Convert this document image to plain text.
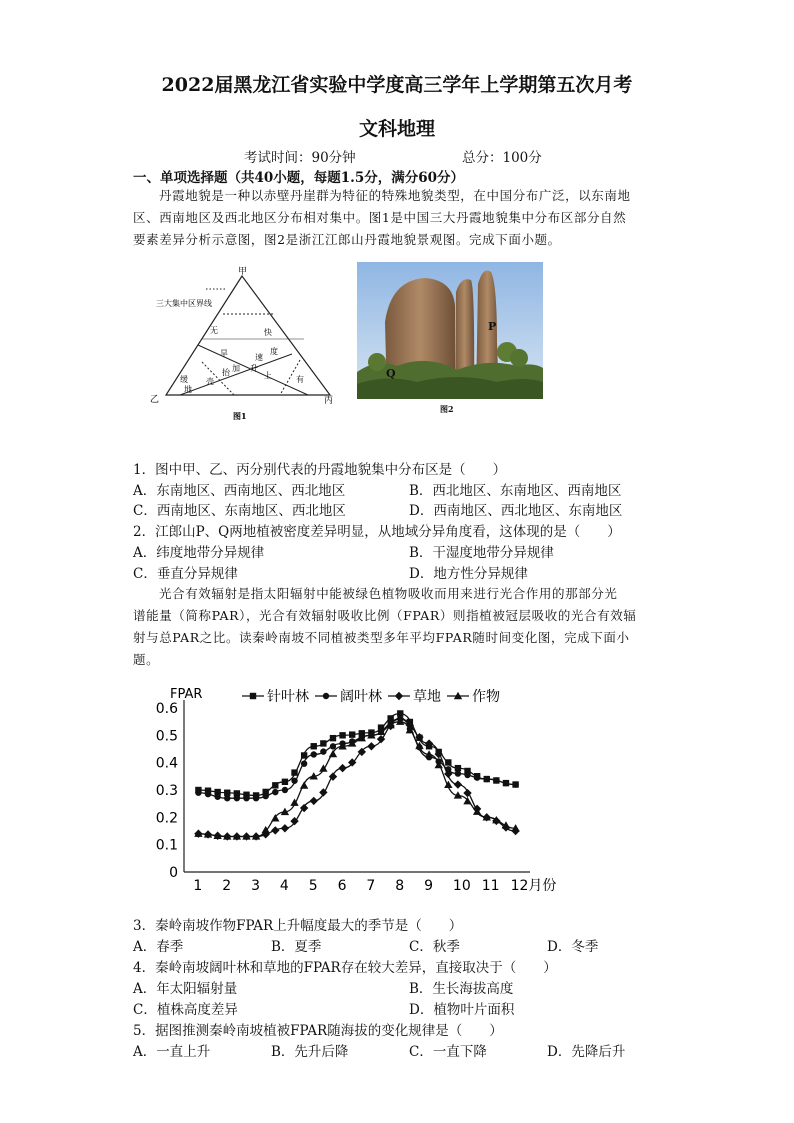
2022届黑龙江省实验中学度高三学年上学期第五次月考
文科地理
考试时间：90分钟	总分：100分
一、单项选择题（共40小题，每题1.5分，满分60分）
丹霞地貌是一种以赤壁丹崖群为特征的特殊地貌类型，在中国分布广泛，以东南地
区、西南地区及西北地区分布相对集中。图1是中国三大丹霞地貌集中分布区部分自然
要素差异分析示意图，图2是浙江江郎山丹霞地貌景观图。完成下面小题。
三大集中区界线
甲
乙	丙
无	快
度
速
旱
加 升
上
壳
抬
缓
地
有
图1
P
Q
图2
1．图中甲、乙、丙分别代表的丹霞地貌集中分布区是（　　）
A．东南地区、西南地区、西北地区	B．西北地区、东南地区、西南地区
C．西南地区、东南地区、西北地区	D．西南地区、西北地区、东南地区
2．江郎山P、Q两地植被密度差异明显，从地域分异角度看，这体现的是（　　）
A．纬度地带分异规律	B．干湿度地带分异规律
C．垂直分异规律	D．地方性分异规律
光合有效辐射是指太阳辐射中能被绿色植物吸收而用来进行光合作用的那部分光
谱能量（简称PAR），光合有效辐射吸收比例（FPAR）则指植被冠层吸收的光合有效辐
射与总PAR之比。读秦岭南坡不同植被类型多年平均FPAR随时间变化图，完成下面小
题。
FPAR
0
0.1
0.2
0.3
0.4
0.5
0.6
1 2 3 4 5 6 7 8 9 10 11 12月份
针叶林 阔叶林 草地 作物
3．秦岭南坡作物FPAR上升幅度最大的季节是（　　）
A．春季	B．夏季	C．秋季	D．冬季
4．秦岭南坡阔叶林和草地的FPAR存在较大差异，直接取决于（　　）
A．年太阳辐射量	B．生长海拔高度
C．植株高度差异	D．植物叶片面积
5．据图推测秦岭南坡植被FPAR随海拔的变化规律是（　　）
A．一直上升	B．先升后降	C．一直下降	D．先降后升
